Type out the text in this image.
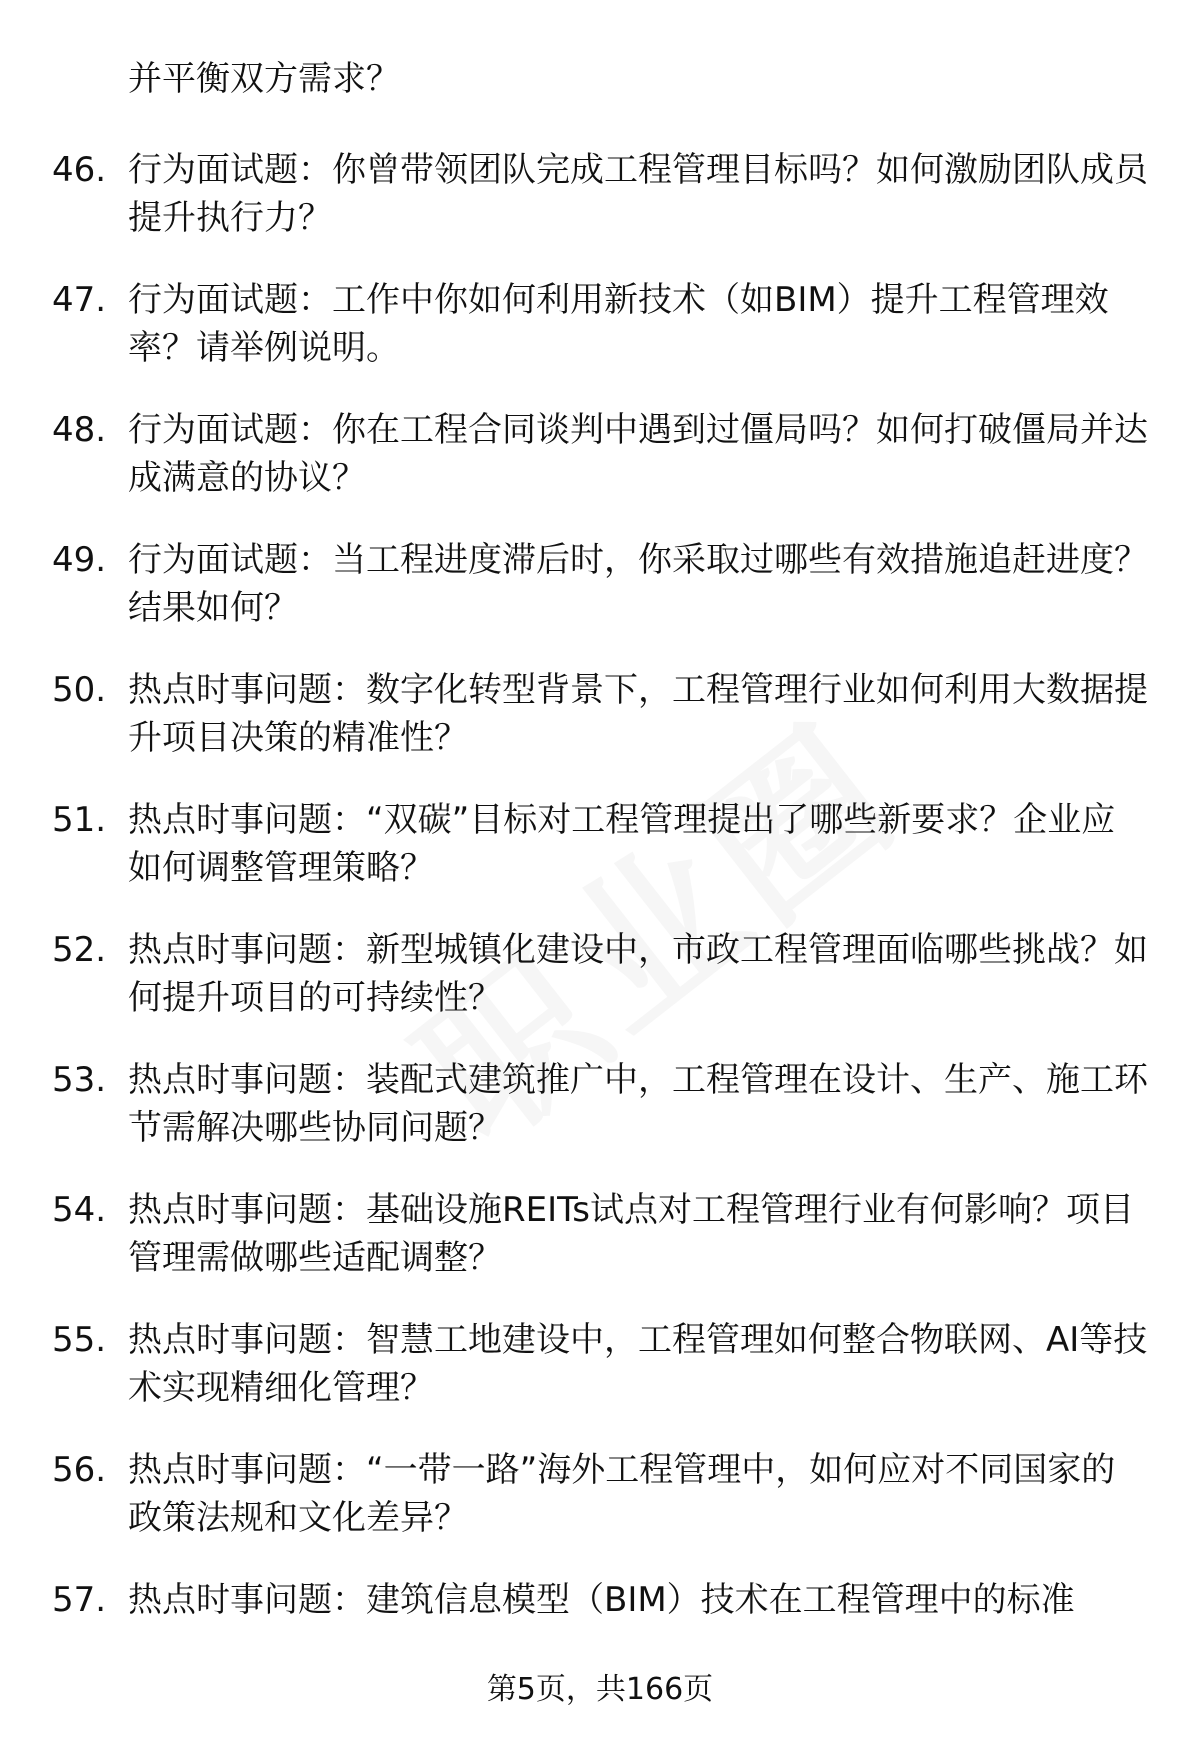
并平衡双方需求？
46. 行为面试题：你曾带领团队完成工程管理目标吗？如何激励团队成员提升执行力？
47. 行为面试题：工作中你如何利用新技术（如BIM）提升工程管理效率？请举例说明。
48. 行为面试题：你在工程合同谈判中遇到过僵局吗？如何打破僵局并达成满意的协议？
49. 行为面试题：当工程进度滞后时，你采取过哪些有效措施追赶进度？结果如何？
50. 热点时事问题：数字化转型背景下，工程管理行业如何利用大数据提升项目决策的精准性？
51. 热点时事问题：“双碳”目标对工程管理提出了哪些新要求？企业应如何调整管理策略？
52. 热点时事问题：新型城镇化建设中，市政工程管理面临哪些挑战？如何提升项目的可持续性？
53. 热点时事问题：装配式建筑推广中，工程管理在设计、生产、施工环节需解决哪些协同问题？
54. 热点时事问题：基础设施REITs试点对工程管理行业有何影响？项目管理需做哪些适配调整？
55. 热点时事问题：智慧工地建设中，工程管理如何整合物联网、AI等技术实现精细化管理？
56. 热点时事问题：“一带一路”海外工程管理中，如何应对不同国家的政策法规和文化差异？
57. 热点时事问题：建筑信息模型（BIM）技术在工程管理中的标准
第5页，共166页
